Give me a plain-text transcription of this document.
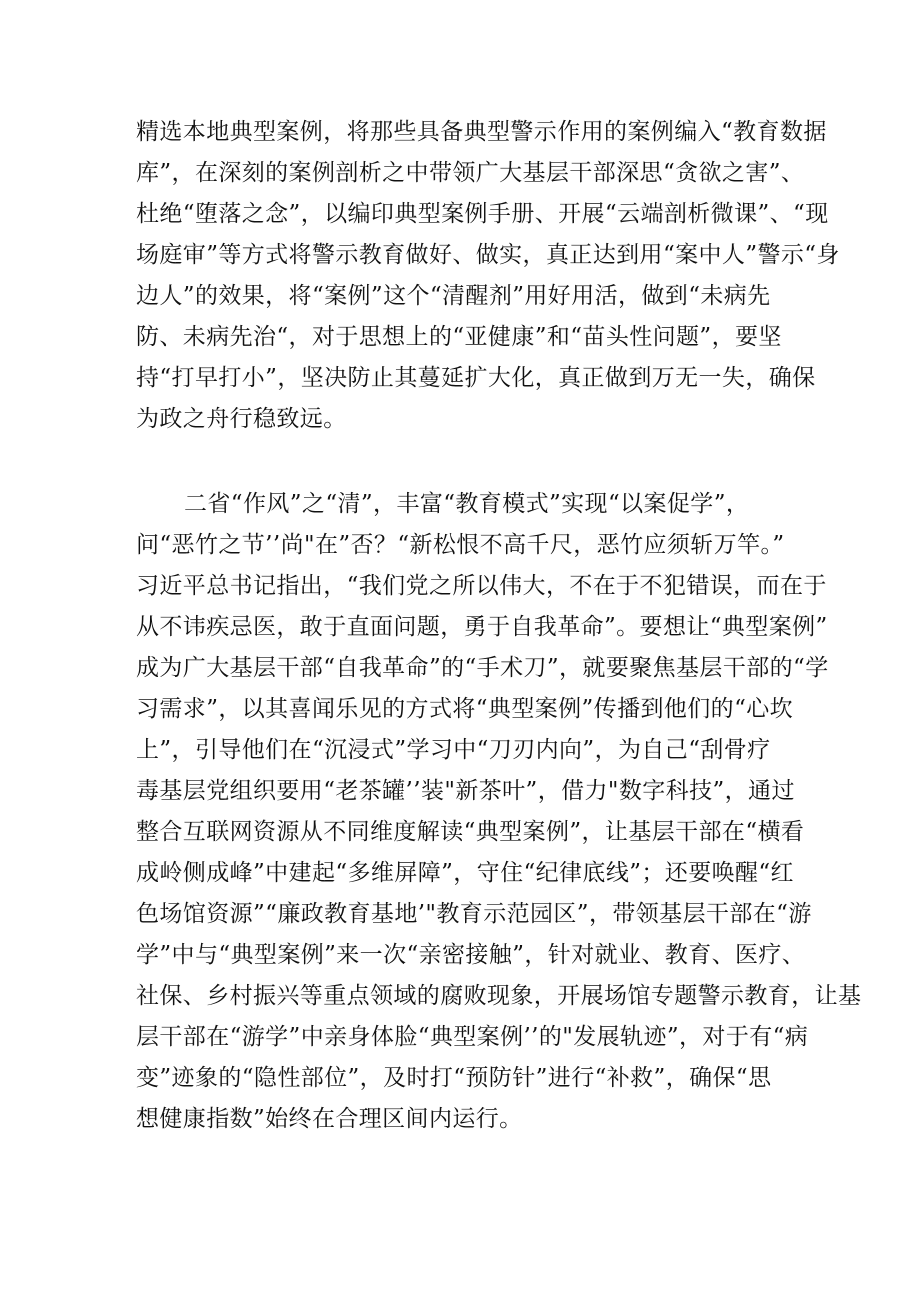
精选本地典型案例，将那些具备典型警示作用的案例编入“教育数据
库”，在深刻的案例剖析之中带领广大基层干部深思“贪欲之害”、
杜绝“堕落之念”，以编印典型案例手册、开展“云端剖析微课”、“现
场庭审”等方式将警示教育做好、做实，真正达到用“案中人”警示“身
边人”的效果，将“案例”这个“清醒剂”用好用活，做到“未病先
防、未病先治“，对于思想上的“亚健康”和“苗头性问题”，要坚
持“打早打小”，坚决防止其蔓延扩大化，真正做到万无一失，确保
为政之舟行稳致远。
二省“作风”之“清”，丰富“教育模式”实现“以案促学”，
问“恶竹之节’’尚"在”否？“新松恨不高千尺，恶竹应须斩万竿。”
习近平总书记指出，“我们党之所以伟大，不在于不犯错误，而在于
从不讳疾忌医，敢于直面问题，勇于自我革命”。要想让“典型案例”
成为广大基层干部“自我革命”的“手术刀”，就要聚焦基层干部的“学
习需求”，以其喜闻乐见的方式将“典型案例”传播到他们的“心坎
上”，引导他们在“沉浸式”学习中“刀刃内向”，为自己“刮骨疗
毒基层党组织要用“老茶罐’’装"新茶叶”，借力"数字科技”，通过
整合互联网资源从不同维度解读“典型案例”，让基层干部在“横看
成岭侧成峰”中建起“多维屏障”，守住“纪律底线”；还要唤醒“红
色场馆资源”“廉政教育基地’"教育示范园区”，带领基层干部在“游
学”中与“典型案例”来一次“亲密接触”，针对就业、教育、医疗、
社保、乡村振兴等重点领域的腐败现象，开展场馆专题警示教育，让基
层干部在“游学”中亲身体脸“典型案例’’的"发展轨迹”，对于有“病
变”迹象的“隐性部位”，及时打“预防针”进行“补救”，确保“思
想健康指数”始终在合理区间内运行。
